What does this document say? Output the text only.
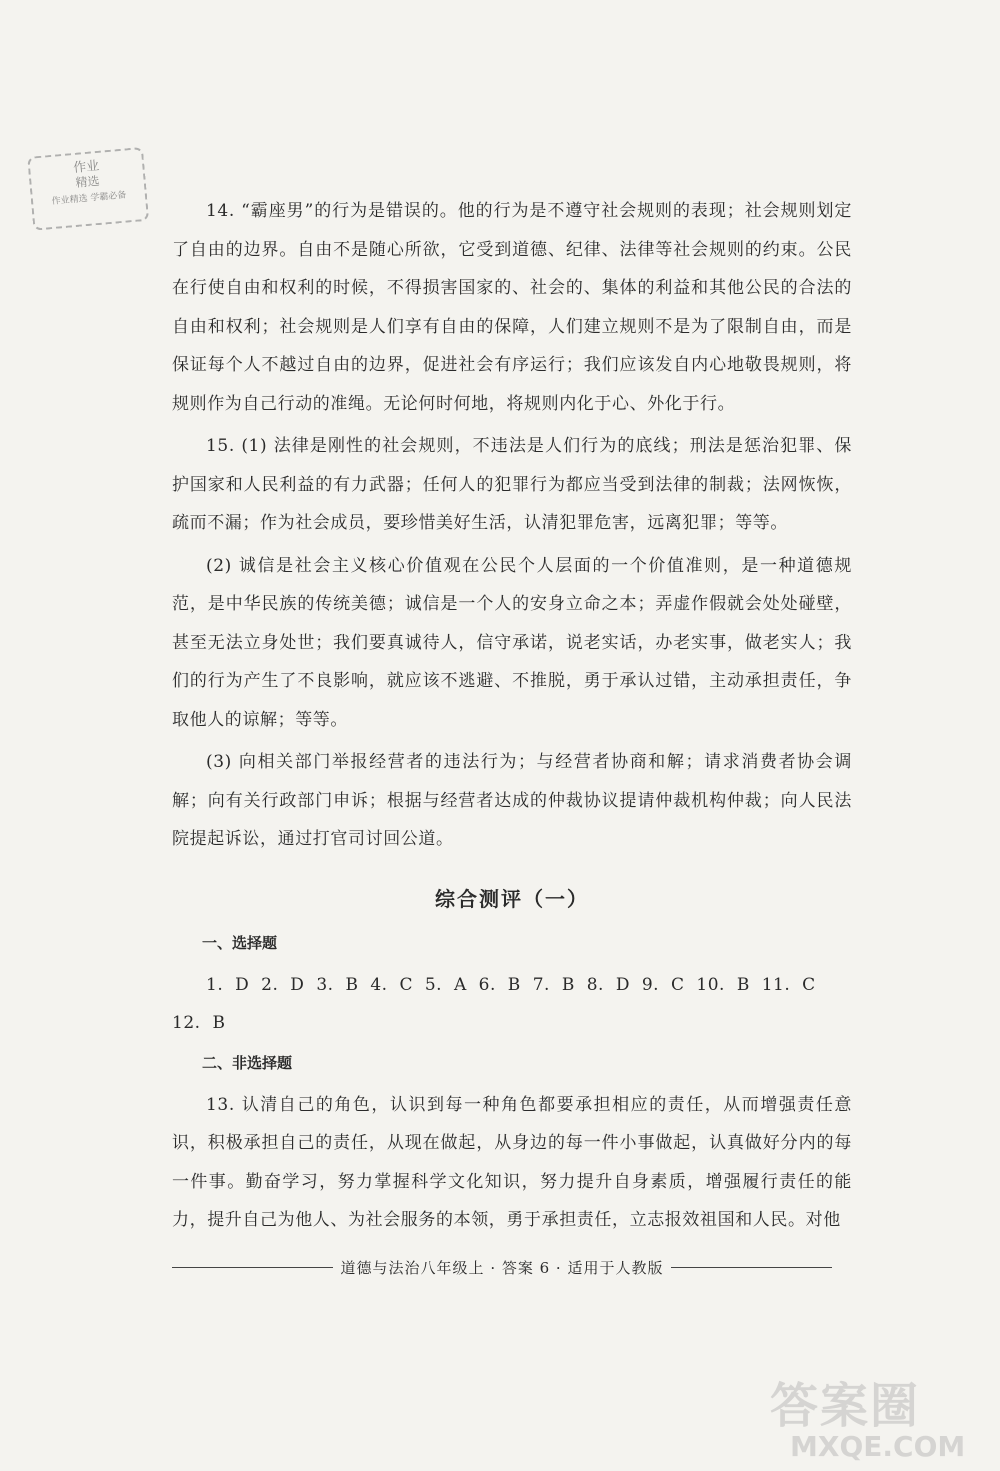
作业
精选
作业精选 学霸必备

14. “霸座男”的行为是错误的。他的行为是不遵守社会规则的表现；社会规则划定了自由的边界。自由不是随心所欲，它受到道德、纪律、法律等社会规则的约束。公民在行使自由和权利的时候，不得损害国家的、社会的、集体的利益和其他公民的合法的自由和权利；社会规则是人们享有自由的保障，人们建立规则不是为了限制自由，而是保证每个人不越过自由的边界，促进社会有序运行；我们应该发自内心地敬畏规则，将规则作为自己行动的准绳。无论何时何地，将规则内化于心、外化于行。

15. (1) 法律是刚性的社会规则，不违法是人们行为的底线；刑法是惩治犯罪、保护国家和人民利益的有力武器；任何人的犯罪行为都应当受到法律的制裁；法网恢恢，疏而不漏；作为社会成员，要珍惜美好生活，认清犯罪危害，远离犯罪；等等。

(2) 诚信是社会主义核心价值观在公民个人层面的一个价值准则，是一种道德规范，是中华民族的传统美德；诚信是一个人的安身立命之本；弄虚作假就会处处碰壁，甚至无法立身处世；我们要真诚待人，信守承诺，说老实话，办老实事，做老实人；我们的行为产生了不良影响，就应该不逃避、不推脱，勇于承认过错，主动承担责任，争取他人的谅解；等等。

(3) 向相关部门举报经营者的违法行为；与经营者协商和解；请求消费者协会调解；向有关行政部门申诉；根据与经营者达成的仲裁协议提请仲裁机构仲裁；向人民法院提起诉讼，通过打官司讨回公道。

综合测评（一）
一、选择题

1. D 2. D 3. B 4. C 5. A 6. B 7. B 8. D 9. C 10. B 11. C 12. B

二、非选择题

13. 认清自己的角色，认识到每一种角色都要承担相应的责任，从而增强责任意识，积极承担自己的责任，从现在做起，从身边的每一件小事做起，认真做好分内的每一件事。勤奋学习，努力掌握科学文化知识，努力提升自身素质，增强履行责任的能力，提升自己为他人、为社会服务的本领，勇于承担责任，立志报效祖国和人民。对他

道德与法治八年级上 · 答案 6 · 适用于人教版
答案圈
MXQE.COM
